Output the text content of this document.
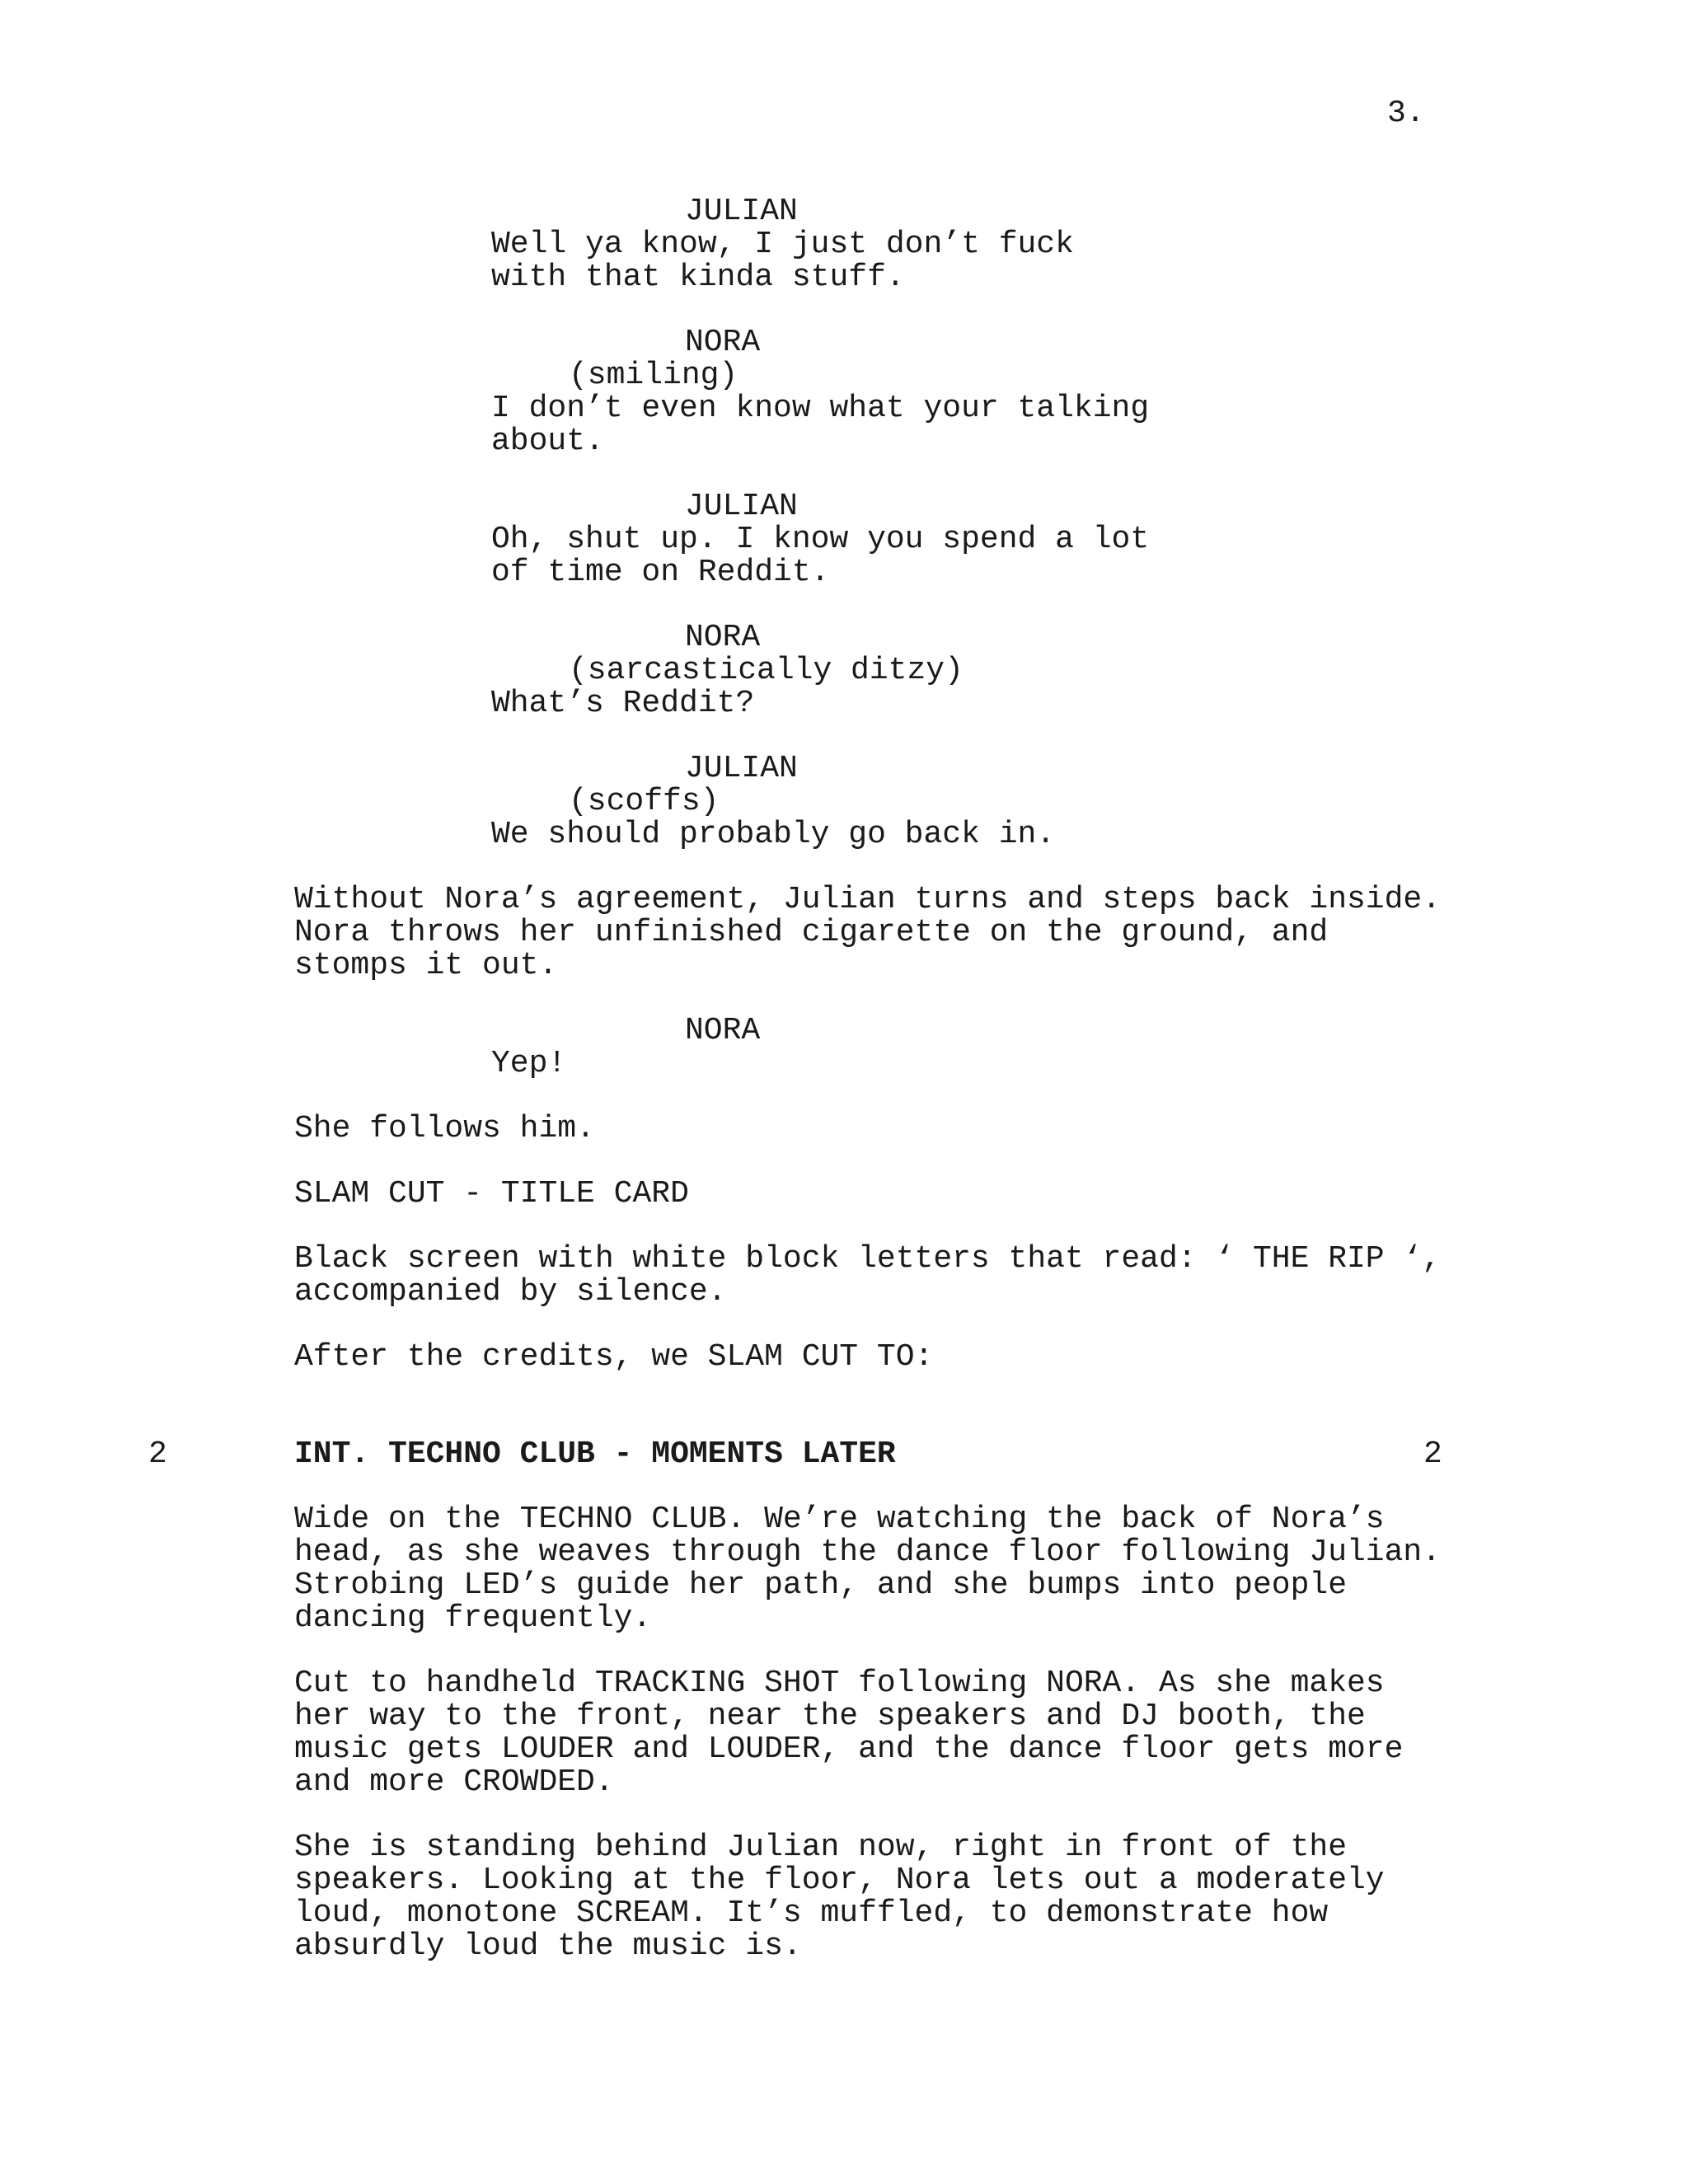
3.
JULIAN
Well ya know, I just don’t fuck
with that kinda stuff.
NORA
(smiling)
I don’t even know what your talking
about.
JULIAN
Oh, shut up. I know you spend a lot
of time on Reddit.
NORA
(sarcastically ditzy)
What’s Reddit?
JULIAN
(scoffs)
We should probably go back in.
Without Nora’s agreement, Julian turns and steps back inside.
Nora throws her unfinished cigarette on the ground, and
stomps it out.
NORA
Yep!
She follows him.
SLAM CUT - TITLE CARD
Black screen with white block letters that read: ‘ THE RIP ‘,
accompanied by silence.
After the credits, we SLAM CUT TO:
2	INT. TECHNO CLUB - MOMENTS LATER	2
Wide on the TECHNO CLUB. We’re watching the back of Nora’s
head, as she weaves through the dance floor following Julian.
Strobing LED’s guide her path, and she bumps into people
dancing frequently.
Cut to handheld TRACKING SHOT following NORA. As she makes
her way to the front, near the speakers and DJ booth, the
music gets LOUDER and LOUDER, and the dance floor gets more
and more CROWDED.
She is standing behind Julian now, right in front of the
speakers. Looking at the floor, Nora lets out a moderately
loud, monotone SCREAM. It’s muffled, to demonstrate how
absurdly loud the music is.
